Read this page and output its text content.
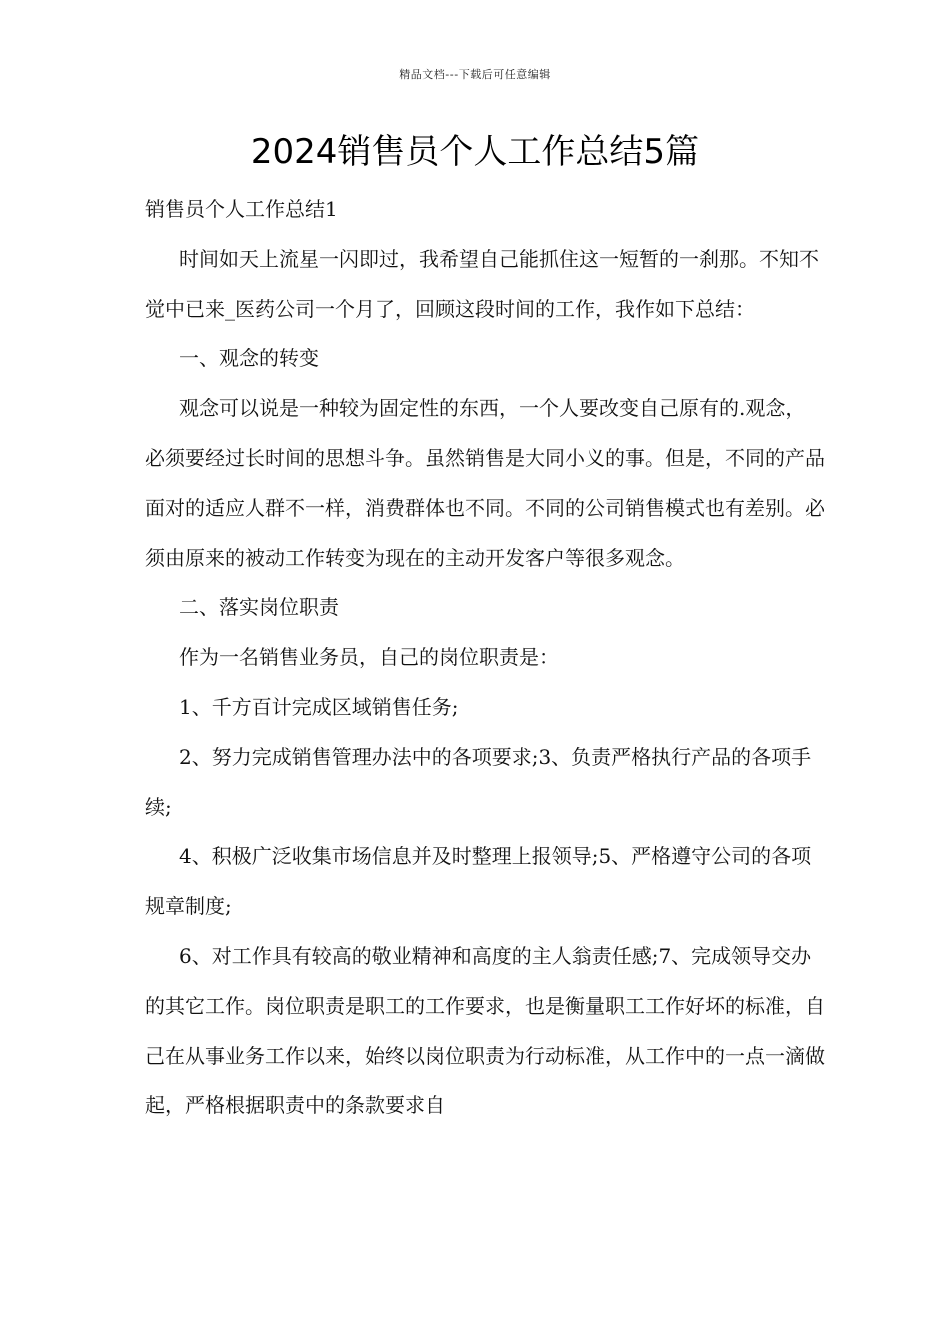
精品文档---下载后可任意编辑
2024销售员个人工作总结5篇

销售员个人工作总结1

时间如天上流星一闪即过，我希望自己能抓住这一短暂的一刹那。不知不觉中已来_医药公司一个月了，回顾这段时间的工作，我作如下总结：

一、观念的转变

观念可以说是一种较为固定性的东西，一个人要改变自己原有的.观念，必须要经过长时间的思想斗争。虽然销售是大同小义的事。但是，不同的产品面对的适应人群不一样，消费群体也不同。不同的公司销售模式也有差别。必须由原来的被动工作转变为现在的主动开发客户等很多观念。

二、落实岗位职责

作为一名销售业务员，自己的岗位职责是：

1、千方百计完成区域销售任务;

2、努力完成销售管理办法中的各项要求;3、负责严格执行产品的各项手续;

4、积极广泛收集市场信息并及时整理上报领导;5、严格遵守公司的各项规章制度;

6、对工作具有较高的敬业精神和高度的主人翁责任感;7、完成领导交办的其它工作。岗位职责是职工的工作要求，也是衡量职工工作好坏的标准，自己在从事业务工作以来，始终以岗位职责为行动标准，从工作中的一点一滴做起，严格根据职责中的条款要求自
